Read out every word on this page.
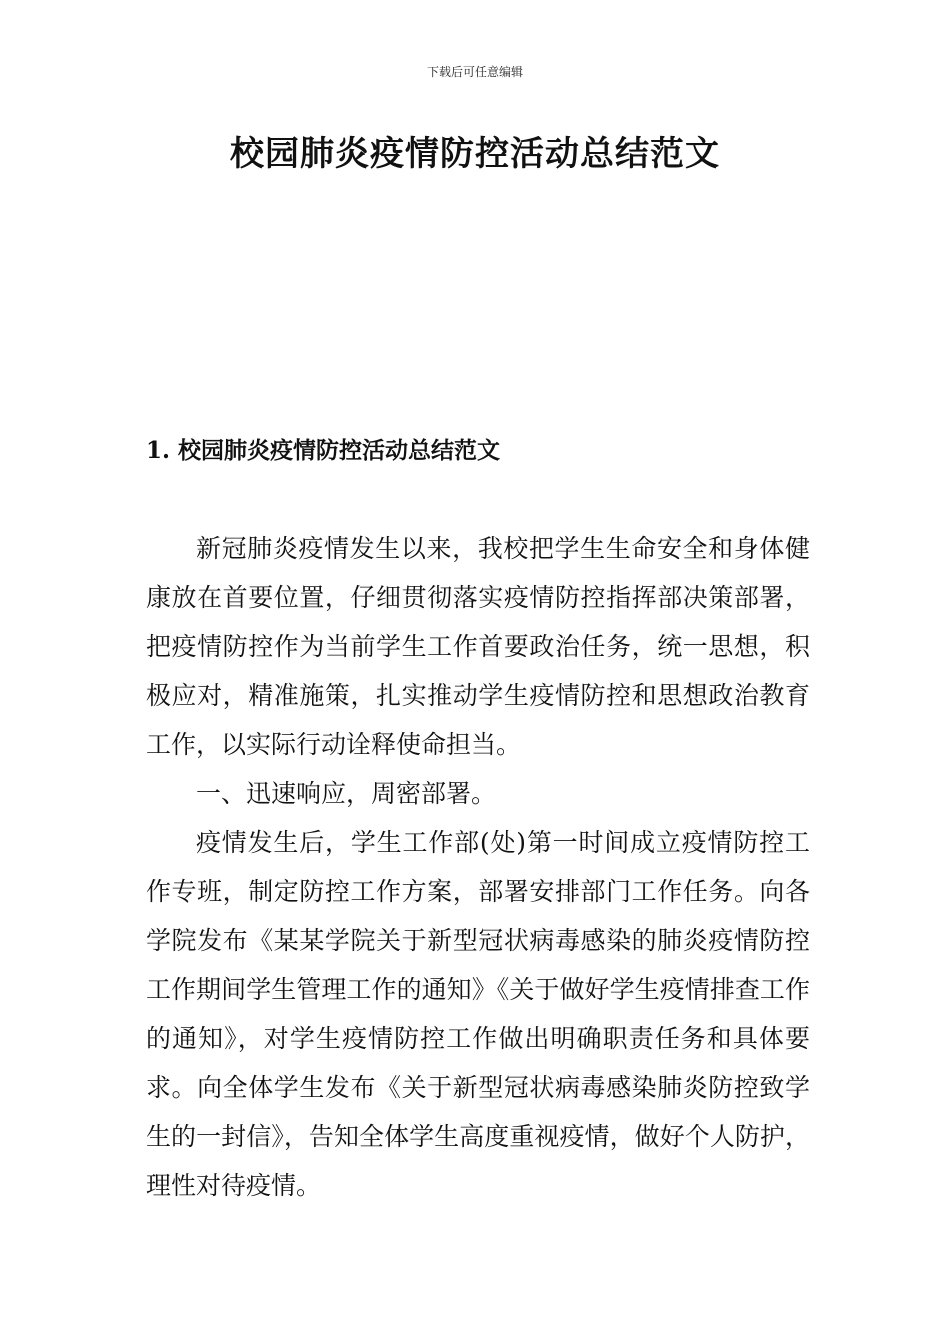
下载后可任意编辑
校园肺炎疫情防控活动总结范文
1. 校园肺炎疫情防控活动总结范文

新冠肺炎疫情发生以来，我校把学生生命安全和身体健康放在首要位置，仔细贯彻落实疫情防控指挥部决策部署，把疫情防控作为当前学生工作首要政治任务，统一思想，积极应对，精准施策，扎实推动学生疫情防控和思想政治教育工作，以实际行动诠释使命担当。

一、迅速响应，周密部署。

疫情发生后，学生工作部(处)第一时间成立疫情防控工作专班，制定防控工作方案，部署安排部门工作任务。向各学院发布《某某学院关于新型冠状病毒感染的肺炎疫情防控工作期间学生管理工作的通知》《关于做好学生疫情排查工作的通知》，对学生疫情防控工作做出明确职责任务和具体要求。向全体学生发布《关于新型冠状病毒感染肺炎防控致学生的一封信》，告知全体学生高度重视疫情，做好个人防护，理性对待疫情。
